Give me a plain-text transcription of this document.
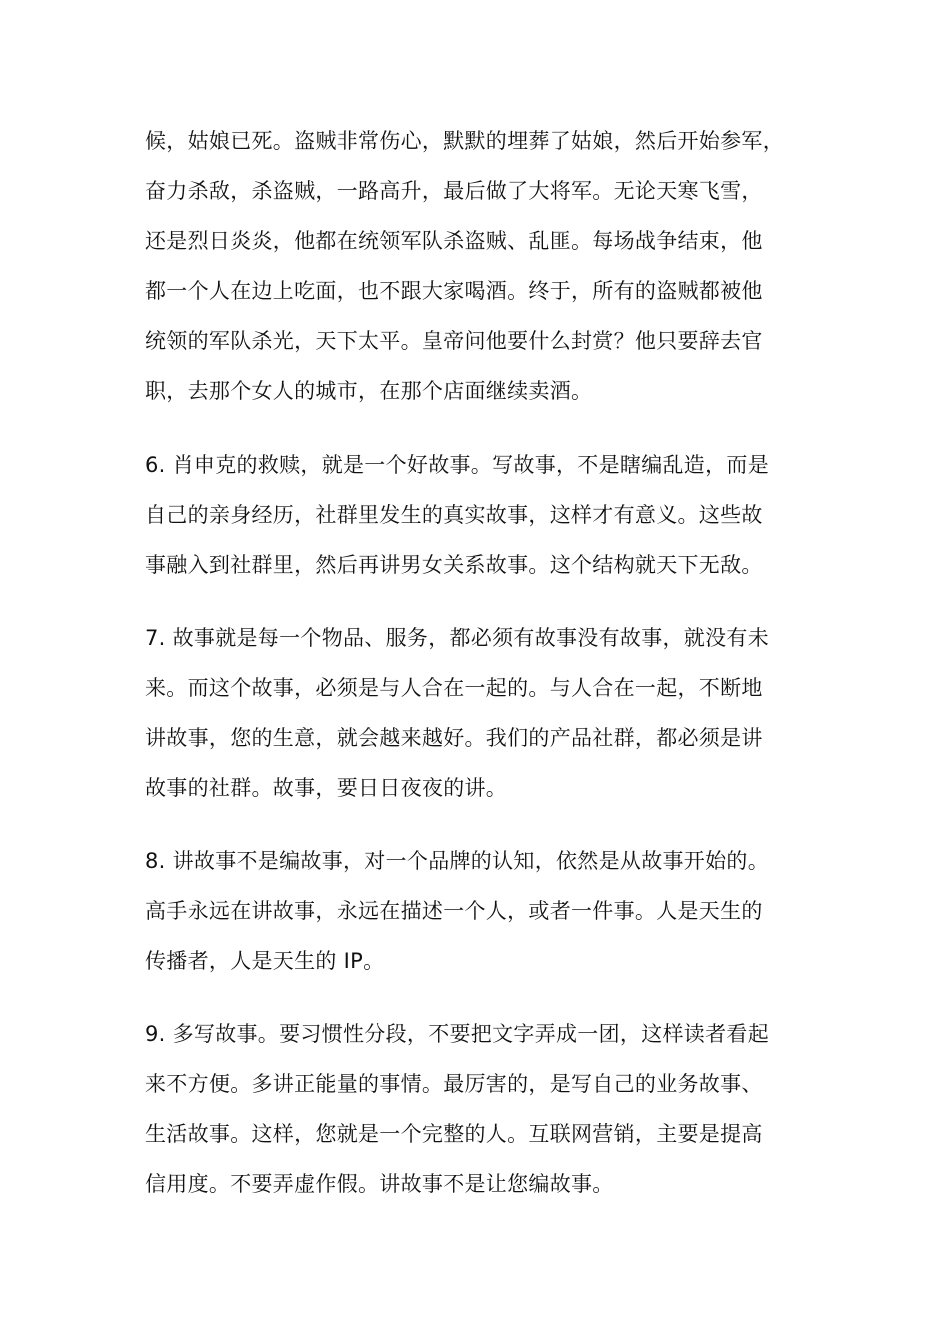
候，姑娘已死。盗贼非常伤心，默默的埋葬了姑娘，然后开始参军，
奋力杀敌，杀盗贼，一路高升，最后做了大将军。无论天寒飞雪，
还是烈日炎炎，他都在统领军队杀盗贼、乱匪。每场战争结束，他
都一个人在边上吃面，也不跟大家喝酒。终于，所有的盗贼都被他
统领的军队杀光，天下太平。皇帝问他要什么封赏？他只要辞去官
职，去那个女人的城市，在那个店面继续卖酒。
6. 肖申克的救赎，就是一个好故事。写故事，不是瞎编乱造，而是
自己的亲身经历，社群里发生的真实故事，这样才有意义。这些故
事融入到社群里，然后再讲男女关系故事。这个结构就天下无敌。
7. 故事就是每一个物品、服务，都必须有故事没有故事，就没有未
来。而这个故事，必须是与人合在一起的。与人合在一起，不断地
讲故事，您的生意，就会越来越好。我们的产品社群，都必须是讲
故事的社群。故事，要日日夜夜的讲。
8. 讲故事不是编故事，对一个品牌的认知，依然是从故事开始的。
高手永远在讲故事，永远在描述一个人，或者一件事。人是天生的
传播者，人是天生的 IP。
9. 多写故事。要习惯性分段，不要把文字弄成一团，这样读者看起
来不方便。多讲正能量的事情。最厉害的，是写自己的业务故事、
生活故事。这样，您就是一个完整的人。互联网营销，主要是提高
信用度。不要弄虚作假。讲故事不是让您编故事。
